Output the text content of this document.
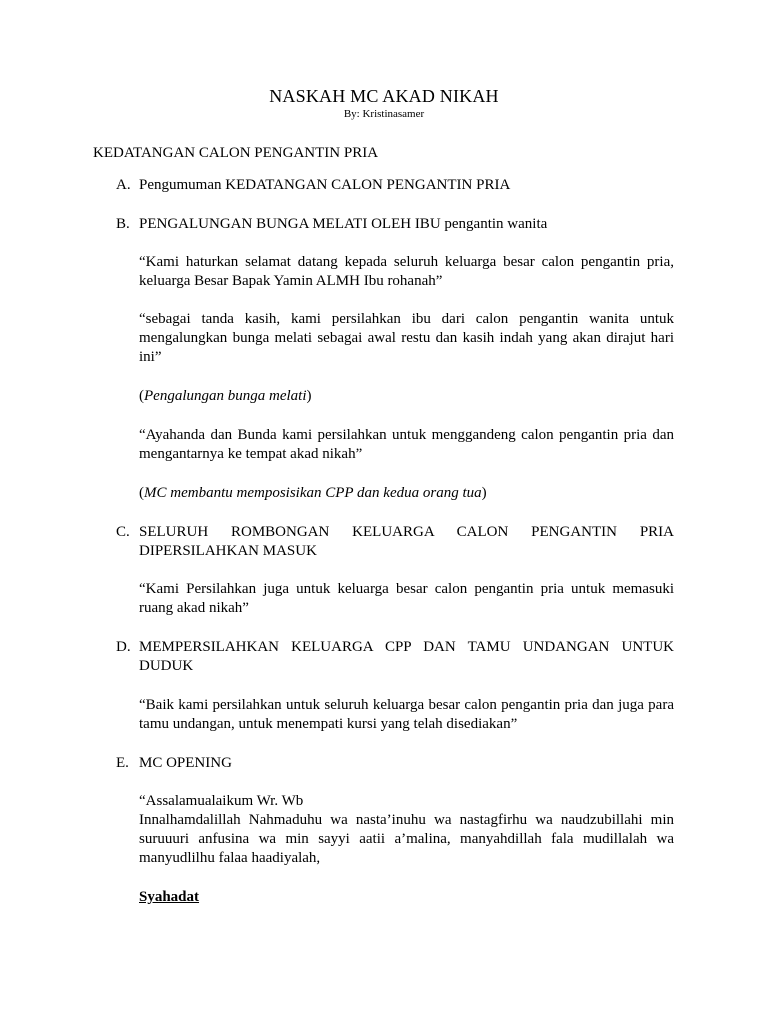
NASKAH MC AKAD NIKAH
By: Kristinasamer
KEDATANGAN CALON PENGANTIN PRIA
A. Pengumuman KEDATANGAN CALON PENGANTIN PRIA
B. PENGALUNGAN BUNGA MELATI OLEH IBU pengantin wanita
“Kami haturkan selamat datang kepada seluruh keluarga besar calon pengantin pria, keluarga Besar Bapak Yamin ALMH Ibu rohanah”
“sebagai tanda kasih, kami persilahkan ibu dari calon pengantin wanita untuk mengalungkan bunga melati sebagai awal restu dan kasih indah yang akan dirajut hari ini”
(Pengalungan bunga melati)
“Ayahanda dan Bunda kami persilahkan untuk menggandeng calon pengantin pria dan mengantarnya ke tempat akad nikah”
(MC membantu memposisikan CPP dan kedua orang tua)
C. SELURUH ROMBONGAN KELUARGA CALON PENGANTIN PRIA
DIPERSILAHKAN MASUK
“Kami Persilahkan juga untuk keluarga besar calon pengantin pria untuk memasuki ruang akad nikah”
D. MEMPERSILAHKAN KELUARGA CPP DAN TAMU UNDANGAN UNTUK
DUDUK
“Baik kami persilahkan untuk seluruh keluarga besar calon pengantin pria dan juga para tamu undangan, untuk menempati kursi yang telah disediakan”
E. MC OPENING
“Assalamualaikum Wr. Wb
Innalhamdalillah Nahmaduhu wa nasta’inuhu wa nastagfirhu wa naudzubillahi min suruuuri anfusina wa min sayyi aatii a’malina, manyahdillah fala mudillalah wa manyudlilhu falaa haadiyalah,
Syahadat
